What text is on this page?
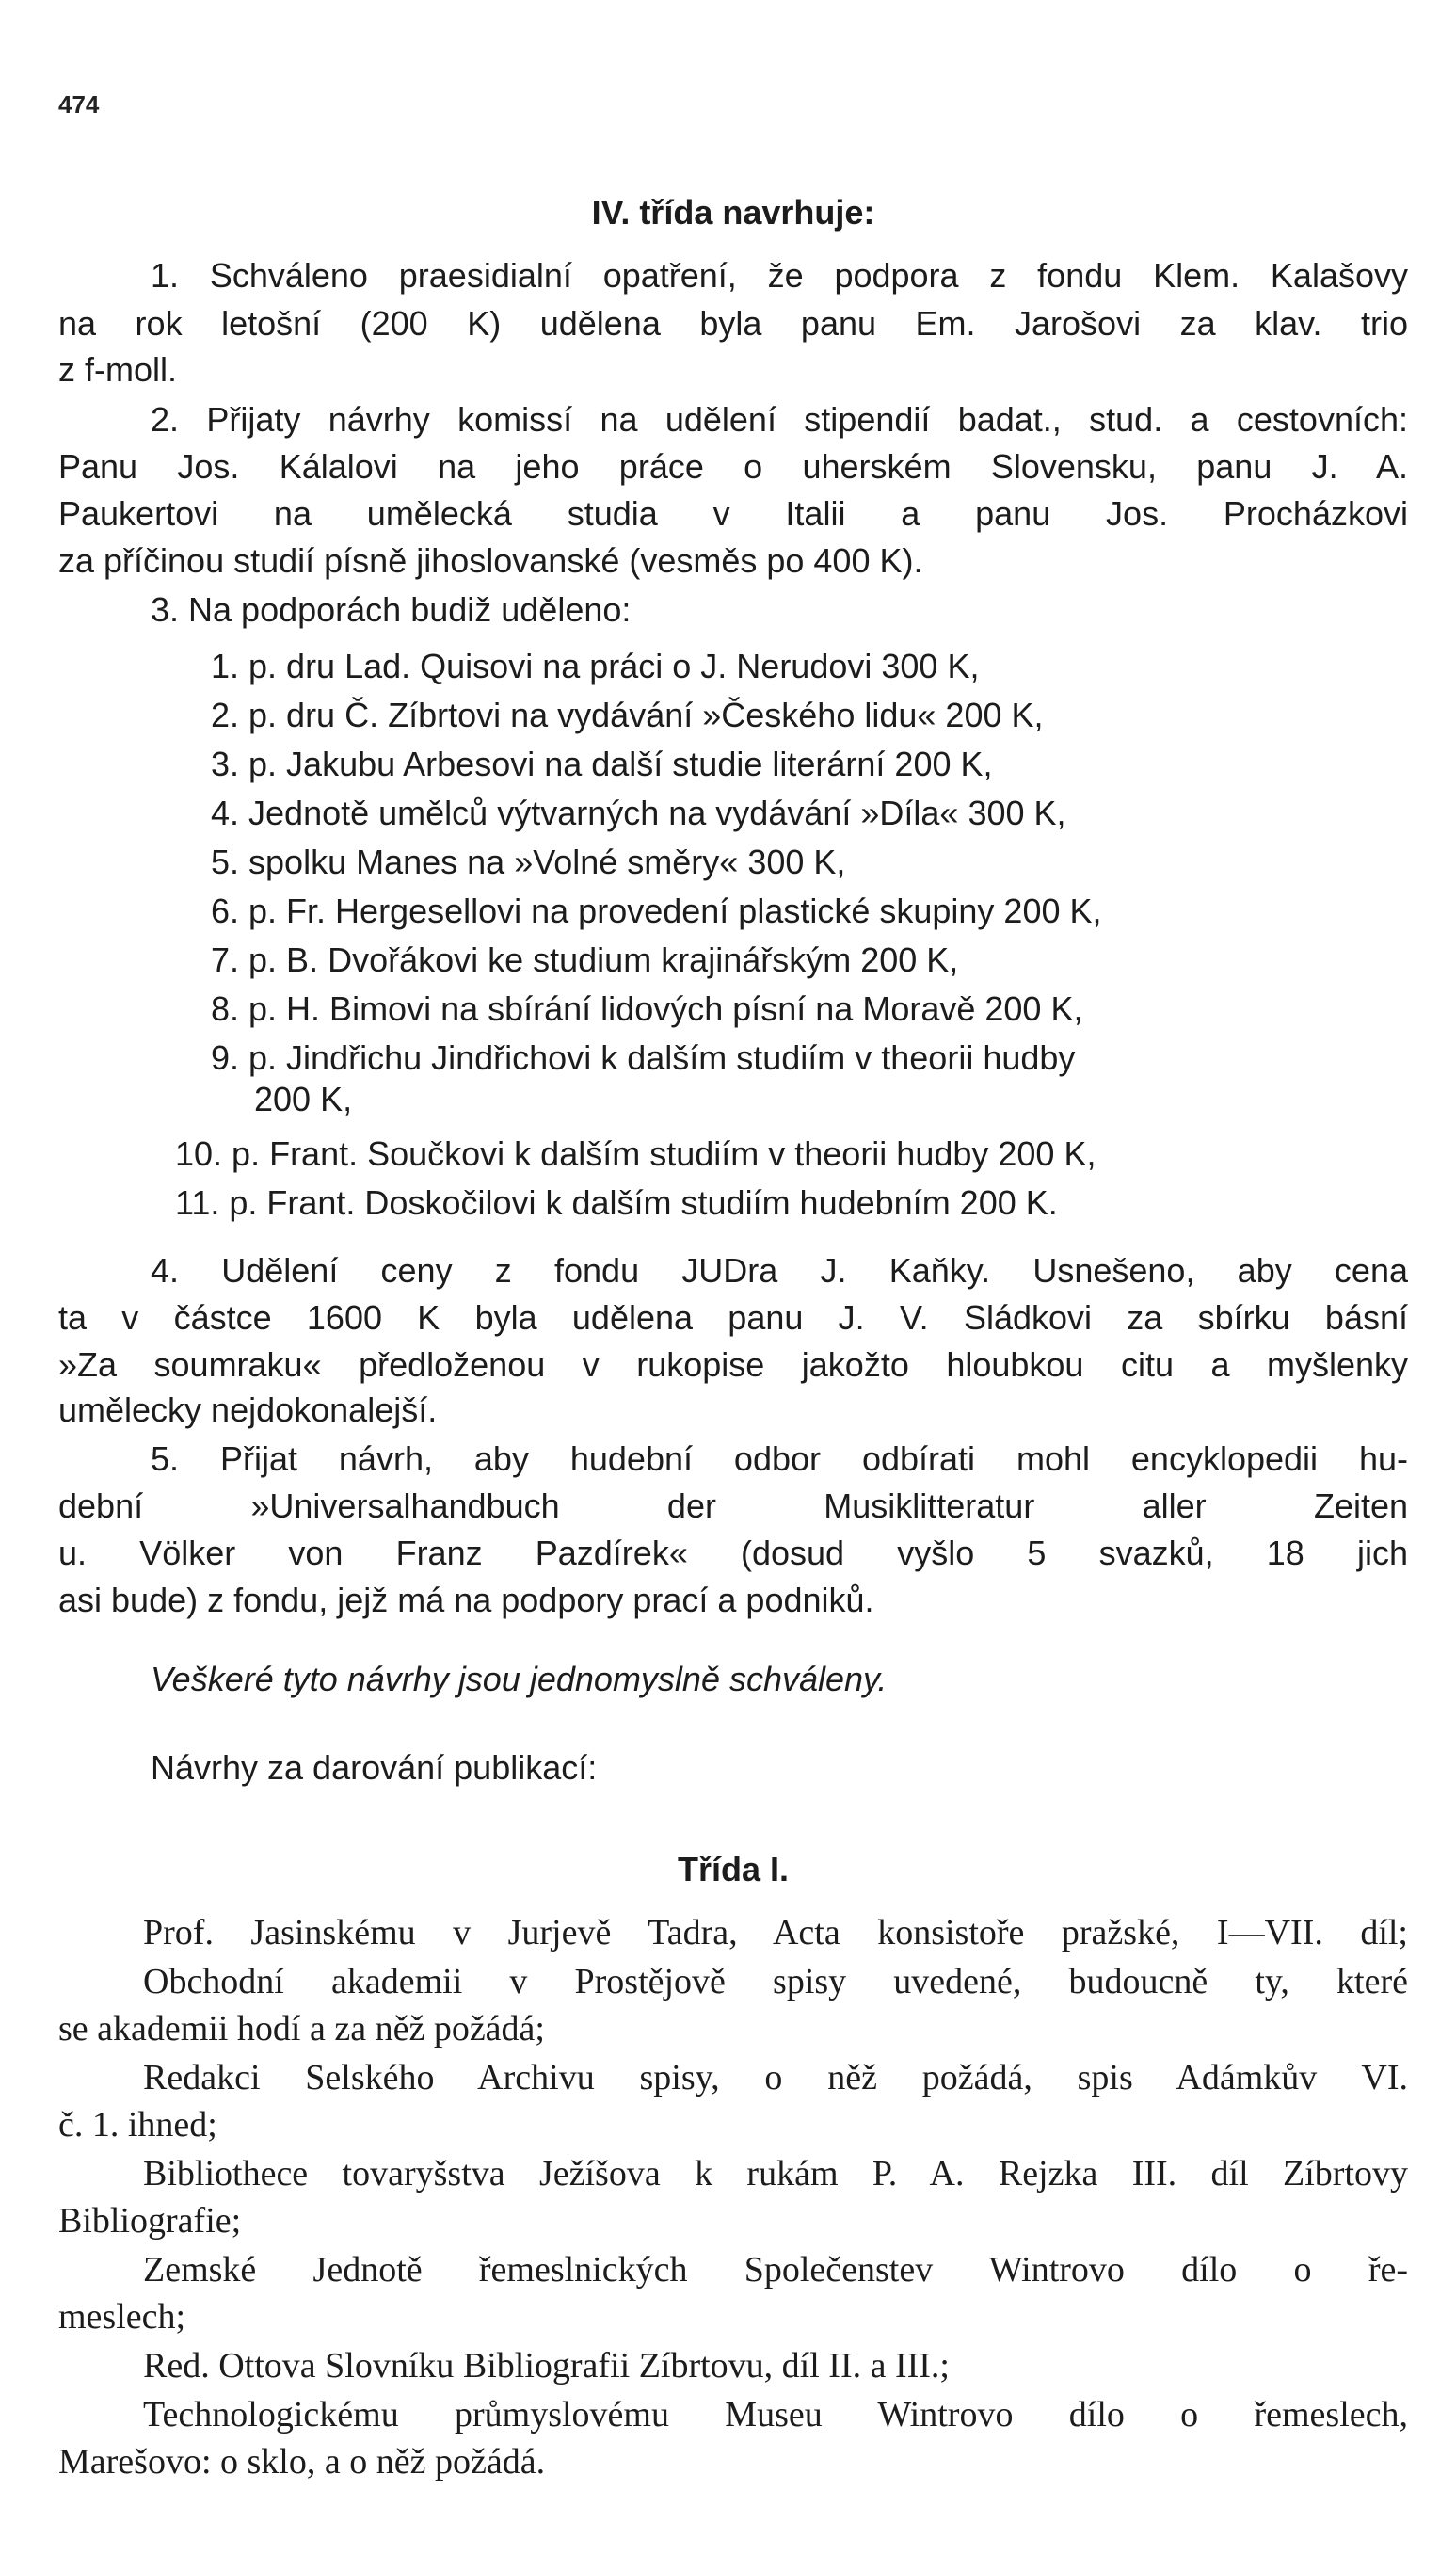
474
IV. třída navrhuje:
1. Schváleno praesidialní opatření, že podpora z fondu Klem. Kalašovy
na rok letošní (200 K) udělena byla panu Em. Jarošovi za klav. trio
z f-moll.
2. Přijaty návrhy komissí na udělení stipendií badat., stud. a cestovních:
Panu Jos. Kálalovi na jeho práce o uherském Slovensku, panu J. A.
Paukertovi na umělecká studia v Italii a panu Jos. Procházkovi
za příčinou studií písně jihoslovanské (vesměs po 400 K).
3. Na podporách budiž uděleno:
1. p. dru Lad. Quisovi na práci o J. Nerudovi 300 K,
2. p. dru Č. Zíbrtovi na vydávání »Českého lidu« 200 K,
3. p. Jakubu Arbesovi na další studie literární 200 K,
4. Jednotě umělců výtvarných na vydávání »Díla« 300 K,
5. spolku Manes na »Volné směry« 300 K,
6. p. Fr. Hergesellovi na provedení plastické skupiny 200 K,
7. p. B. Dvořákovi ke studium krajinářským 200 K,
8. p. H. Bimovi na sbírání lidových písní na Moravě 200 K,
9. p. Jindřichu Jindřichovi k dalším studiím v theorii hudby
200 K,
10. p. Frant. Součkovi k dalším studiím v theorii hudby 200 K,
11. p. Frant. Doskočilovi k dalším studiím hudebním 200 K.
4. Udělení ceny z fondu JUDra J. Kaňky. Usnešeno, aby cena
ta v částce 1600 K byla udělena panu J. V. Sládkovi za sbírku básní
»Za soumraku« předloženou v rukopise jakožto hloubkou citu a myšlenky
umělecky nejdokonalejší.
5. Přijat návrh, aby hudební odbor odbírati mohl encyklopedii hu-
dební »Universalhandbuch der Musiklitteratur aller Zeiten
u. Völker von Franz Pazdírek« (dosud vyšlo 5 svazků, 18 jich
asi bude) z fondu, jejž má na podpory prací a podniků.
Veškeré tyto návrhy jsou jednomyslně schváleny.
Návrhy za darování publikací:
Třída I.
Prof. Jasinskému v Jurjevě Tadra, Acta konsistoře pražské, I—VII. díl;
Obchodní akademii v Prostějově spisy uvedené, budoucně ty, které
se akademii hodí a za něž požádá;
Redakci Selského Archivu spisy, o něž požádá, spis Adámkův VI.
č. 1. ihned;
Bibliothece tovaryšstva Ježíšova k rukám P. A. Rejzka III. díl Zíbrtovy
Bibliografie;
Zemské Jednotě řemeslnických Společenstev Wintrovo dílo o ře-
meslech;
Red. Ottova Slovníku Bibliografii Zíbrtovu, díl II. a III.;
Technologickému průmyslovému Museu Wintrovo dílo o řemeslech,
Marešovo: o sklo, a o něž požádá.
